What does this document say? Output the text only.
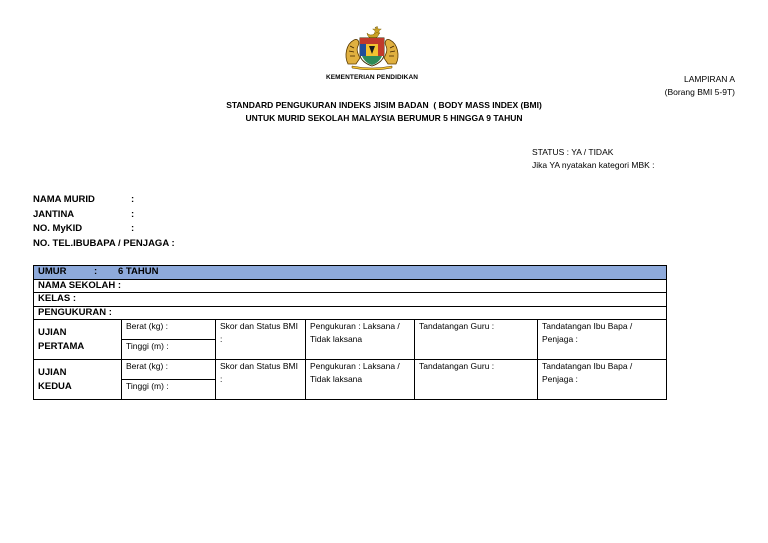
KEMENTERIAN PENDIDIKAN	LAMPIRAN A
(Borang BMI 5-9T)
STANDARD PENGUKURAN INDEKS JISIM BADAN  ( BODY MASS INDEX (BMI)
UNTUK MURID SEKOLAH MALAYSIA BERUMUR 5 HINGGA 9 TAHUN
STATUS : YA / TIDAK
Jika YA nyatakan kategori MBK :
NAMA MURID	:
JANTINA	:
NO. MyKID	:
NO. TEL.IBUBAPA / PENJAGA :
UMUR : 6 TAHUN					
NAMA SEKOLAH :					
KELAS :					
PENGUKURAN :					

UJIAN
PERTAMA	Berat (kg) :	Skor dan Status BMI :	Pengukuran : Laksana / Tidak laksana	Tandatangan Guru :	Tandatangan Ibu Bapa / Penjaga :
	Tinggi (m) :				

UJIAN
KEDUA	Berat (kg) :	Skor dan Status BMI :	Pengukuran : Laksana / Tidak laksana	Tandatangan Guru :	Tandatangan Ibu Bapa / Penjaga :
	Tinggi (m) :				
